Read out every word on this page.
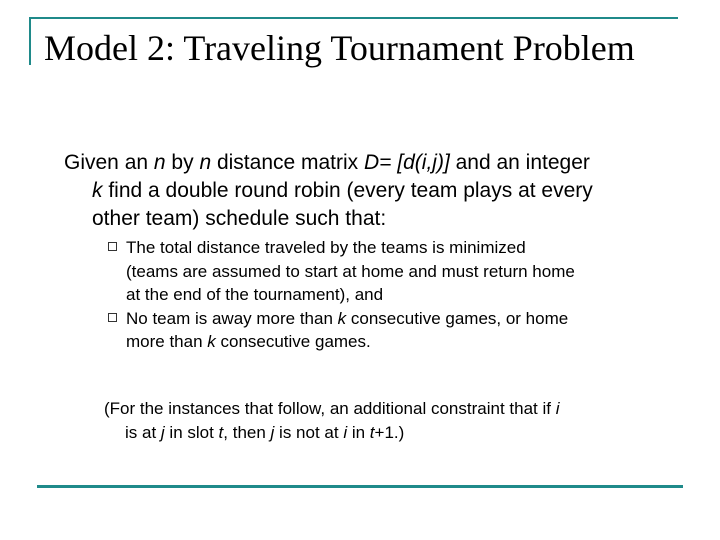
Model 2: Traveling Tournament Problem
Given an n by n distance matrix D= [d(i,j)] and an integer
k find a double round robin (every team plays at every
other team) schedule such that:
The total distance traveled by the teams is minimized
(teams are assumed to start at home and must return home
at the end of the tournament), and
No team is away more than k consecutive games, or home
more than k consecutive games.
(For the instances that follow, an additional constraint that if i
is at j in slot t, then j is not at i in t+1.)
